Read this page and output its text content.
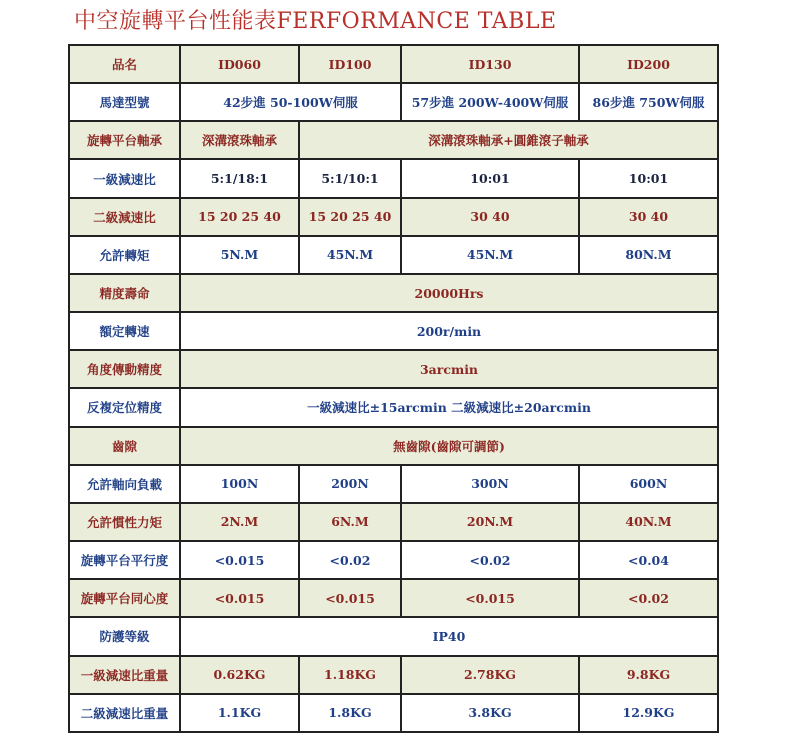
中空旋轉平台性能表FERFORMANCE TABLE
品名	ID060	ID100	ID130	ID200
馬達型號	42步進 50-100W伺服		57步進 200W-400W伺服	86步進 750W伺服
旋轉平台軸承	深溝滾珠軸承	深溝滾珠軸承+圓錐滾子軸承		
一級減速比	5:1/18:1	5:1/10:1	10:01	10:01
二級減速比	15 20 25 40	15 20 25 40	30 40	30 40
允許轉矩	5N.M	45N.M	45N.M	80N.M
精度壽命	20000Hrs			
額定轉速	200r/min			
角度傳動精度	3arcmin			
反複定位精度	一級減速比±15arcmin 二級減速比±20arcmin			
齒隙	無齒隙(齒隙可調節)			
允許軸向負載	100N	200N	300N	600N
允許慣性力矩	2N.M	6N.M	20N.M	40N.M
旋轉平台平行度	<0.015	<0.02	<0.02	<0.04
旋轉平台同心度	<0.015	<0.015	<0.015	<0.02
防護等級	IP40			
一級減速比重量	0.62KG	1.18KG	2.78KG	9.8KG
二級減速比重量	1.1KG	1.8KG	3.8KG	12.9KG
